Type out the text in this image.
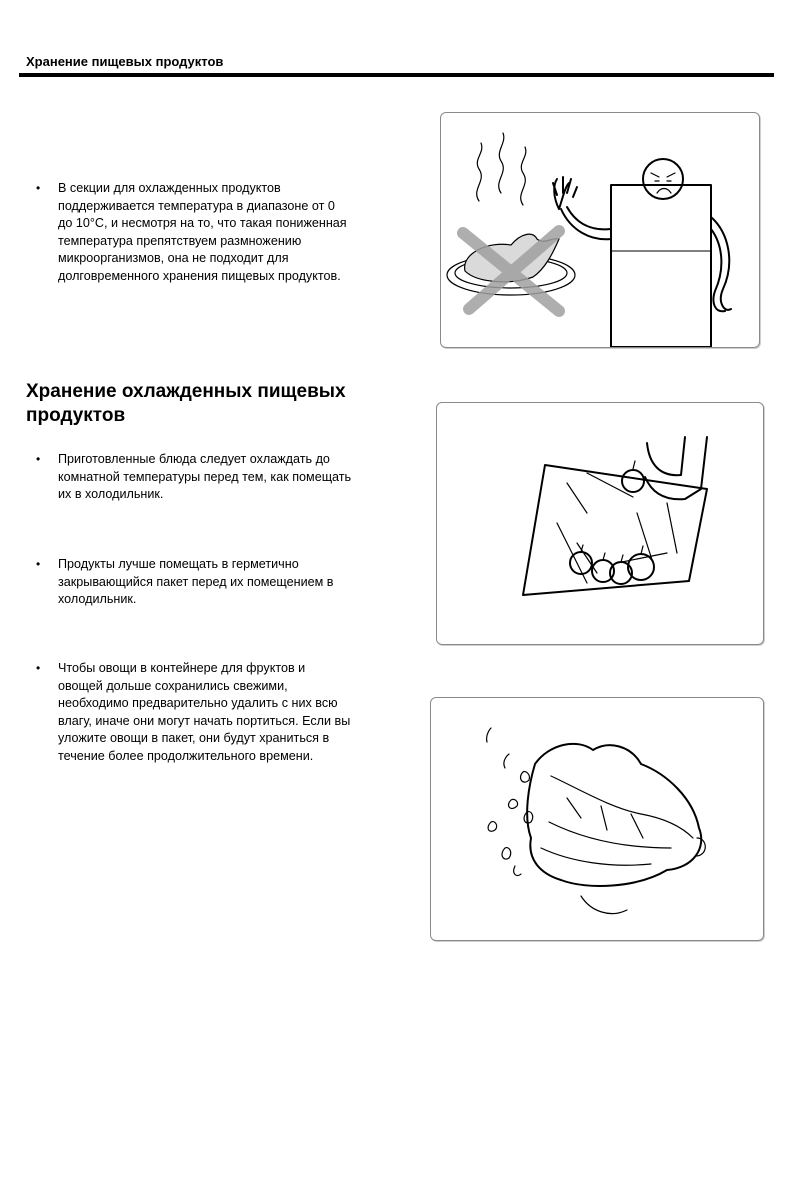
Хранение пищевых продуктов
•	В секции для охлажденных продуктов
поддерживается температура в диапазоне от 0
до 10°C, и несмотря на то, что такая пониженная
температура препятствуем размножению
микроорганизмов, она не подходит для
долговременного хранения пищевых продуктов.
Хранение охлажденных пищевых
продуктов
•	Приготовленные блюда следует охлаждать до
комнатной температуры перед тем, как помещать
их в холодильник.
•	Продукты лучше помещать в герметично
закрывающийся пакет перед их помещением в
холодильник.
•	Чтобы овощи в контейнере для фруктов и
овощей дольше сохранились свежими,
необходимо предварительно удалить с них всю
влагу, иначе они могут начать портиться. Если вы
уложите овощи в пакет, они будут храниться в
течение более продолжительного времени.
